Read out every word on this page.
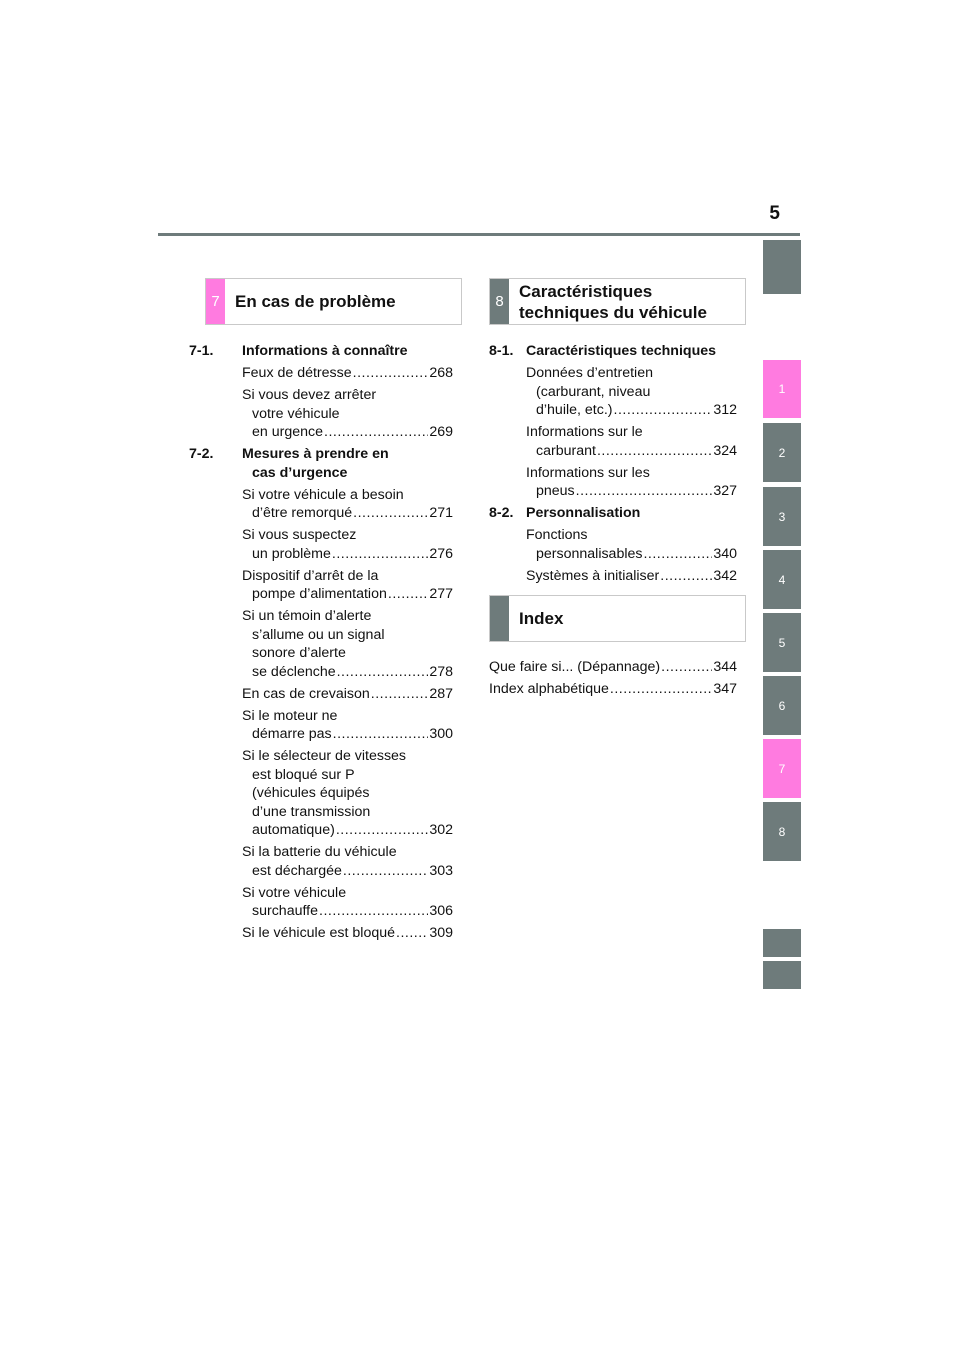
5
1
2
3
4
5
6
7
8
7 En cas de problème	8
Caractéristiques
techniques du véhicule
Index
7-1.	Informations à connaître
Feux de détresse .....	268
Si vous devez arrêter
votre véhicule
en urgence .....	269
7-2.	Mesures à prendre en
cas d’urgence
Si votre véhicule a besoin
d’être remorqué .....	271
Si vous suspectez
un problème .....	276
Dispositif d’arrêt de la
pompe d’alimentation .....	277
Si un témoin d’alerte
s’allume ou un signal
sonore d’alerte
se déclenche .....	278
En cas de crevaison .....	287
Si le moteur ne
démarre pas .....	300
Si le sélecteur de vitesses
est bloqué sur P
(véhicules équipés
d’une transmission
automatique) .....	302
Si la batterie du véhicule
est déchargée .....	303
Si votre véhicule
surchauffe .....	306
Si le véhicule est bloqué ..... 309
8-1. Caractéristiques techniques
Données d’entretien
(carburant, niveau
d’huile, etc.) .....	312
Informations sur le
carburant .....	324
Informations sur les
pneus .....	327
8-2. Personnalisation
Fonctions
personnalisables .....	340
Systèmes à initialiser .....	342
Que faire si... (Dépannage) .....	344
Index alphabétique .....	347
